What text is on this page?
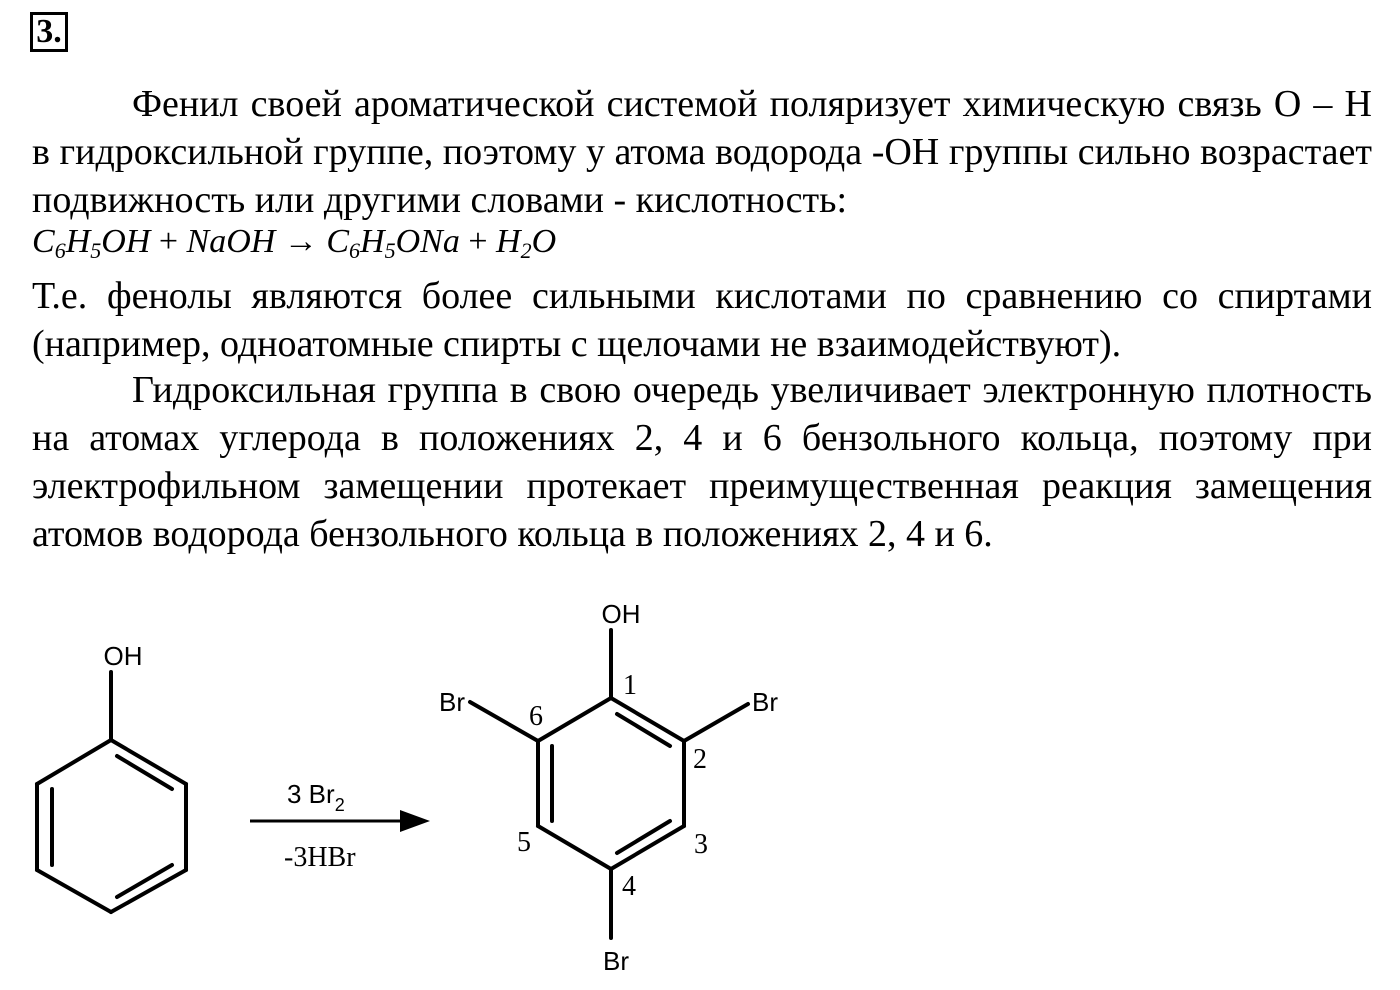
3.

Фенил своей ароматической системой поляризует химическую связь О – Н в гидроксильной группе, поэтому у атома водорода -ОН группы сильно возрастает подвижность или другими словами - кислотность:

$C_6H_5OH$ + NaOH → $C_6H_5ONa + H_2O$

Т.е. фенолы являются более сильными кислотами по сравнению со спиртами (например, одноатомные спирты с щелочами не взаимодействуют).

Гидроксильная группа в свою очередь увеличивает электронную плотность на атомах углерода в положениях 2, 4 и 6 бензольного кольца, поэтому при электрофильном замещении протекает преимущественная реакция замещения атомов водорода бензольного кольца в положениях 2, 4 и 6.

OH
3 $Br_2$
-3HBr
OH
Br	Br
Br
1
2
3
4
5
6
